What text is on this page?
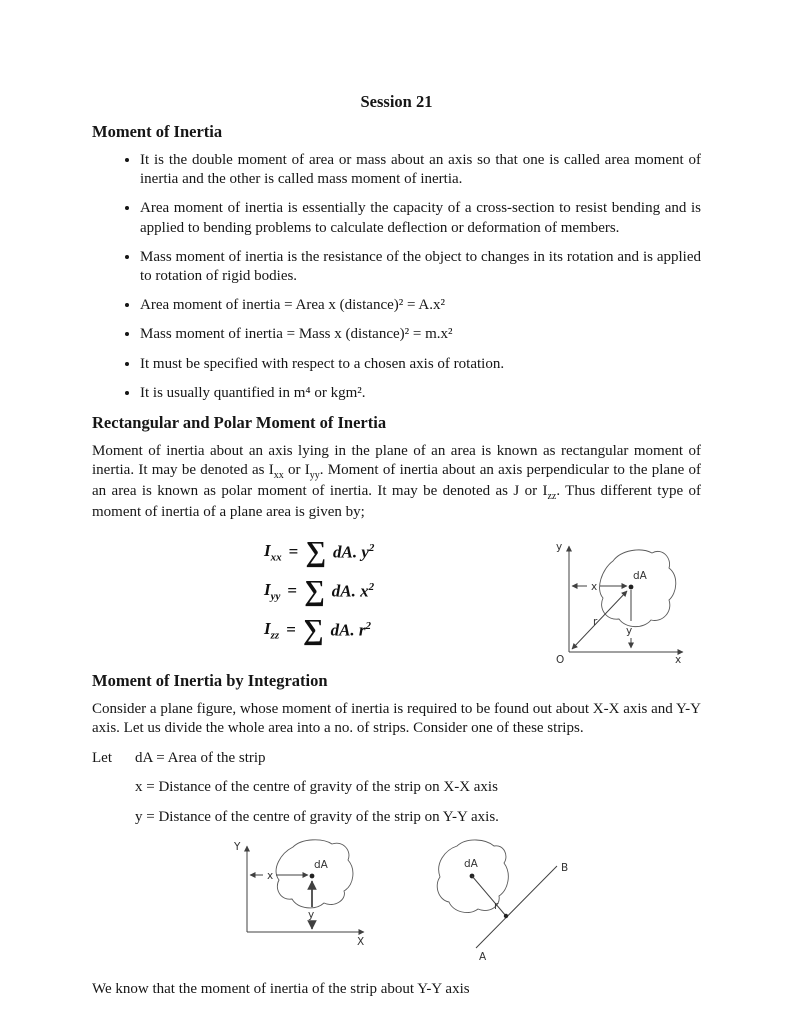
Session 21
Moment of Inertia
• It is the double moment of area or mass about an axis so that one is called area moment of inertia and the other is called mass moment of inertia.
• Area moment of inertia is essentially the capacity of a cross-section to resist bending and is applied to bending problems to calculate deflection or deformation of members.
• Mass moment of inertia is the resistance of the object to changes in its rotation and is applied to rotation of rigid bodies.
• Area moment of inertia = Area x (distance)² = A.x²
• Mass moment of inertia = Mass x (distance)² = m.x²
• It must be specified with respect to a chosen axis of rotation.
• It is usually quantified in m⁴ or kgm².
Rectangular and Polar Moment of Inertia

Moment of inertia about an axis lying in the plane of an area is known as rectangular moment of inertia. It may be denoted as $I_{xx}$ or $I_{yy}$. Moment of inertia about an axis perpendicular to the plane of an area is known as polar moment of inertia. It may be denoted as J or $I_{zz}$. Thus different type of moment of inertia of a plane area is given by;

$I_{xx}$ = ∑ dA. $y^2$
$I_{yy}$ = ∑ dA. $x^2$
$I_{zz}$ = ∑ dA. $r^2$
y
x
O
dA
x
y
r
Moment of Inertia by Integration

Consider a plane figure, whose moment of inertia is required to be found out about X-X axis and Y-Y axis. Let us divide the whole area into a no. of strips. Consider one of these strips.

Let	dA = Area of the strip
x = Distance of the centre of gravity of the strip on X-X axis
y = Distance of the centre of gravity of the strip on Y-Y axis.
Y
X
dA
x
y
dA
A
B
r

We know that the moment of inertia of the strip about Y-Y axis
